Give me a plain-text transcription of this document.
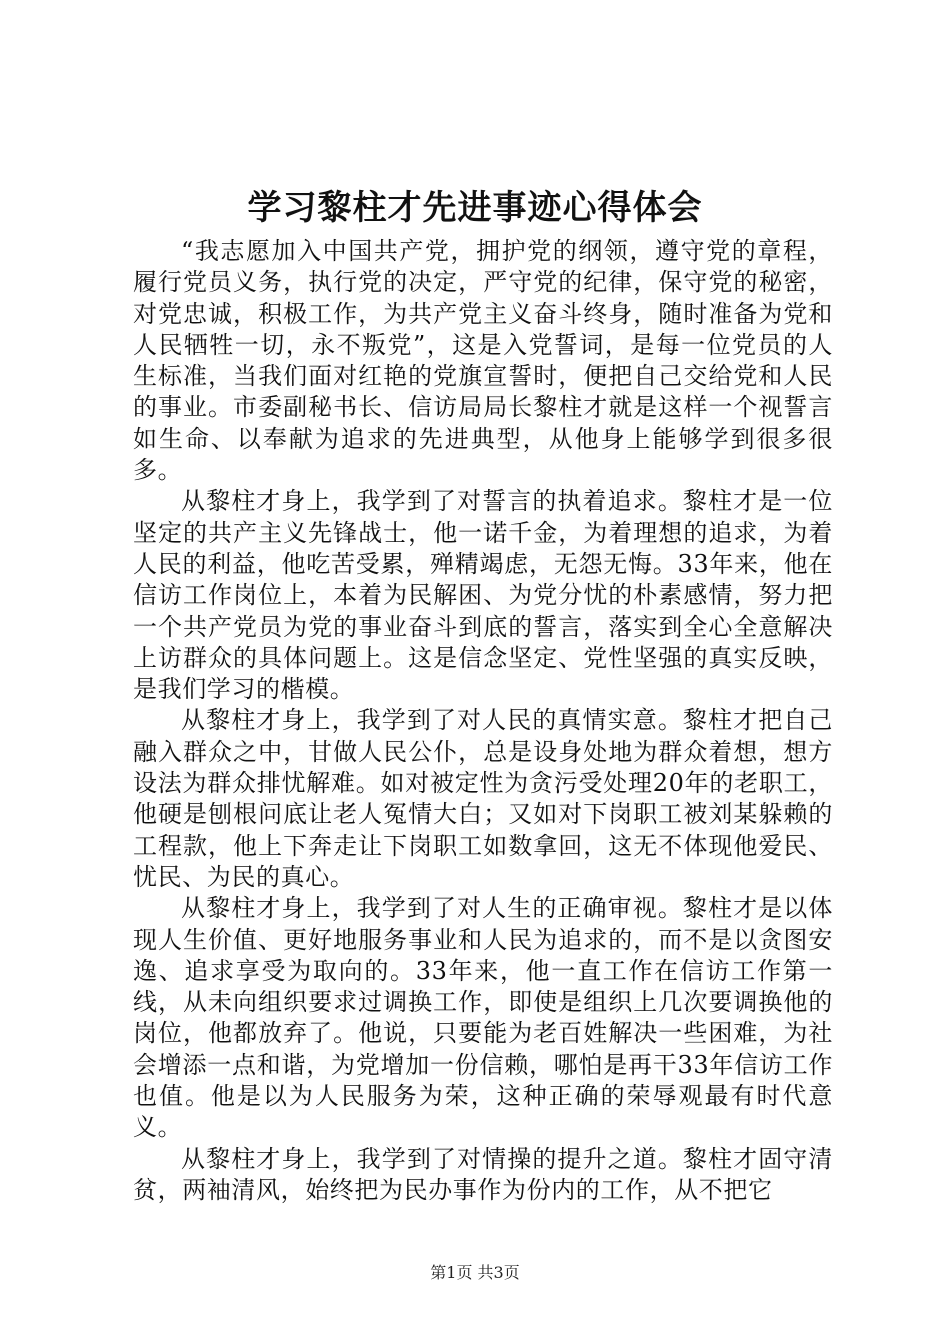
学习黎柱才先进事迹心得体会

“我志愿加入中国共产党，拥护党的纲领，遵守党的章程，履行党员义务，执行党的决定，严守党的纪律，保守党的秘密，对党忠诚，积极工作，为共产党主义奋斗终身，随时准备为党和人民牺牲一切，永不叛党”，这是入党誓词，是每一位党员的人生标准，当我们面对红艳的党旗宣誓时，便把自己交给党和人民的事业。市委副秘书长、信访局局长黎柱才就是这样一个视誓言如生命、以奉献为追求的先进典型，从他身上能够学到很多很多。

从黎柱才身上，我学到了对誓言的执着追求。黎柱才是一位坚定的共产主义先锋战士，他一诺千金，为着理想的追求，为着人民的利益，他吃苦受累，殚精竭虑，无怨无悔。33年来，他在信访工作岗位上，本着为民解困、为党分忧的朴素感情，努力把一个共产党员为党的事业奋斗到底的誓言，落实到全心全意解决上访群众的具体问题上。这是信念坚定、党性坚强的真实反映，是我们学习的楷模。

从黎柱才身上，我学到了对人民的真情实意。黎柱才把自己融入群众之中，甘做人民公仆，总是设身处地为群众着想，想方设法为群众排忧解难。如对被定性为贪污受处理20年的老职工，他硬是刨根问底让老人冤情大白；又如对下岗职工被刘某躲赖的工程款，他上下奔走让下岗职工如数拿回，这无不体现他爱民、忧民、为民的真心。

从黎柱才身上，我学到了对人生的正确审视。黎柱才是以体现人生价值、更好地服务事业和人民为追求的，而不是以贪图安逸、追求享受为取向的。33年来，他一直工作在信访工作第一线，从未向组织要求过调换工作，即使是组织上几次要调换他的岗位，他都放弃了。他说，只要能为老百姓解决一些困难，为社会增添一点和谐，为党增加一份信赖，哪怕是再干33年信访工作也值。他是以为人民服务为荣，这种正确的荣辱观最有时代意义。

从黎柱才身上，我学到了对情操的提升之道。黎柱才固守清贫，两袖清风，始终把为民办事作为份内的工作，从不把它

第1页 共3页
